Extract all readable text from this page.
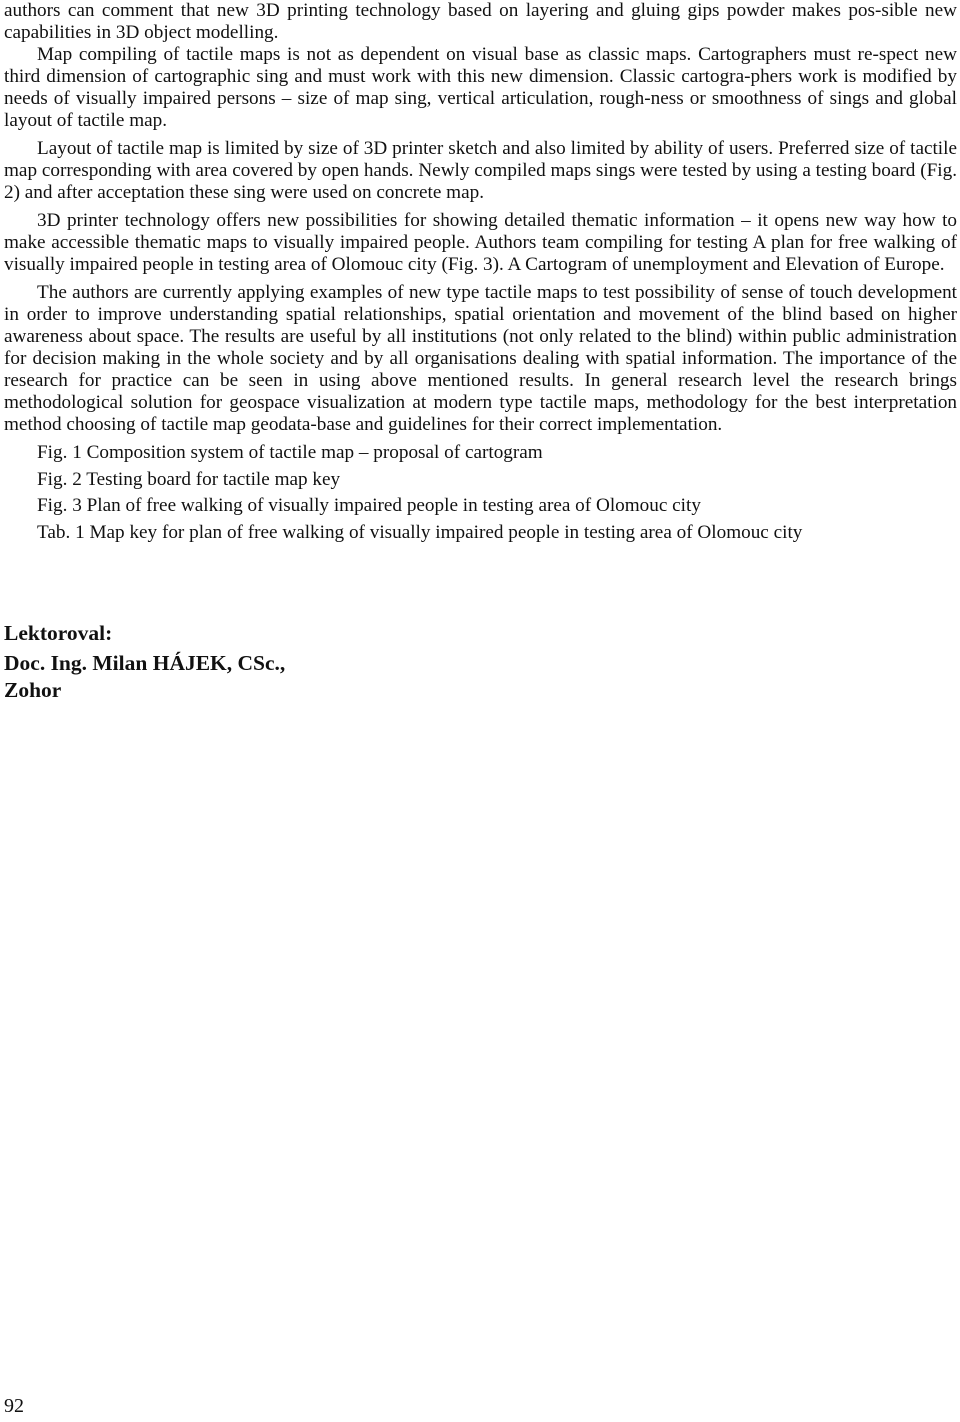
authors can comment that new 3D printing technology based on layering and gluing gips powder makes pos-sible new capabilities in 3D object modelling.

Map compiling of tactile maps is not as dependent on visual base as classic maps. Cartographers must re-spect new third dimension of cartographic sing and must work with this new dimension. Classic cartogra-phers work is modified by needs of visually impaired persons – size of map sing, vertical articulation, rough-ness or smoothness of sings and global layout of tactile map.

Layout of tactile map is limited by size of 3D printer sketch and also limited by ability of users. Preferred size of tactile map corresponding with area covered by open hands. Newly compiled maps sings were tested by using a testing board (Fig. 2) and after acceptation these sing were used on concrete map.

3D printer technology offers new possibilities for showing detailed thematic information – it opens new way how to make accessible thematic maps to visually impaired people. Authors team compiling for testing A plan for free walking of visually impaired people in testing area of Olomouc city (Fig. 3). A Cartogram of unemployment and Elevation of Europe.

The authors are currently applying examples of new type tactile maps to test possibility of sense of touch development in order to improve understanding spatial relationships, spatial orientation and movement of the blind based on higher awareness about space. The results are useful by all institutions (not only related to the blind) within public administration for decision making in the whole society and by all organisations dealing with spatial information. The importance of the research for practice can be seen in using above mentioned results. In general research level the research brings methodological solution for geospace visualization at modern type tactile maps, methodology for the best interpretation method choosing of tactile map geodata-base and guidelines for their correct implementation.

Fig. 1 Composition system of tactile map – proposal of cartogram
Fig. 2 Testing board for tactile map key
Fig. 3 Plan of free walking of visually impaired people in testing area of Olomouc city
Tab. 1 Map key for plan of free walking of visually impaired people in testing area of Olomouc city
Lektoroval:
Doc. Ing. Milan HÁJEK, CSc.,
Zohor
92
